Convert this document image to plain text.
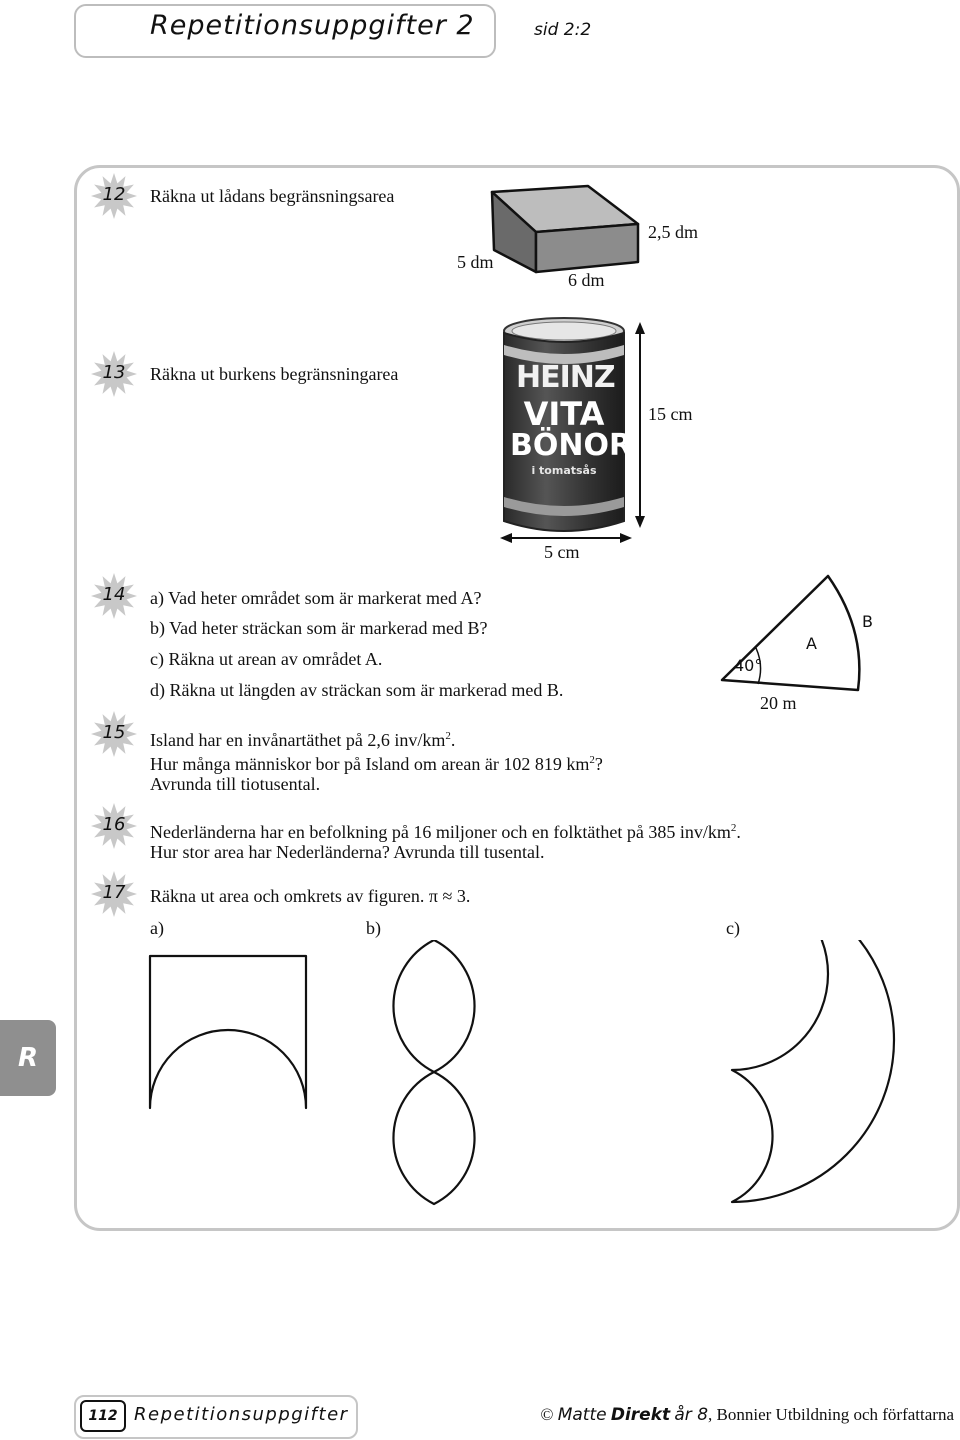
Repetitionsuppgifter 2	sid 2:2
12
13
14
15
16
17
Räkna ut lådans begränsningsarea
5 dm
6 dm
2,5 dm
Räkna ut burkens begränsningarea	HEINZ
VITA
BÖNOR
i tomatsås
15 cm
5 cm
a) Vad heter området som är markerat med A?
b) Vad heter sträckan som är markerad med B?
c) Räkna ut arean av området A.
d) Räkna ut längden av sträckan som är markerad med B.
40°
20 m
A
B
Island har en invånartäthet på 2,6 inv/$km^2$.
Hur många människor bor på Island om arean är 102 819 $km^2$?
Avrunda till tiotusental.
Nederländerna har en befolkning på 16 miljoner och en folktäthet på 385 inv/$km^2$.
Hur stor area har Nederländerna? Avrunda till tusental.
Räkna ut area och omkrets av figuren. π ≈ 3.
a)	b)	c)
R
112 Repetitionsuppgifter	© Matte Direkt år 8, Bonnier Utbildning och författarna
